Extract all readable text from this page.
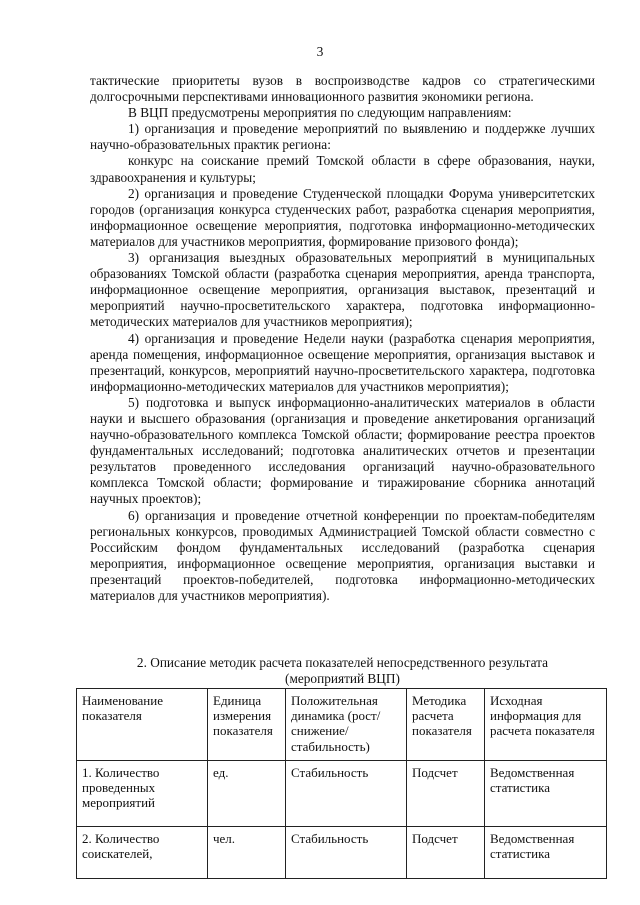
3

тактические приоритеты вузов в воспроизводстве кадров со стратегическими долгосрочными перспективами инновационного развития экономики региона.

В ВЦП предусмотрены мероприятия по следующим направлениям:

1) организация и проведение мероприятий по выявлению и поддержке лучших научно-образовательных практик региона:

конкурс на соискание премий Томской области в сфере образования, науки, здравоохранения и культуры;

2) организация и проведение Студенческой площадки Форума университетских городов (организация конкурса студенческих работ, разработка сценария мероприятия, информационное освещение мероприятия, подготовка информационно-методических материалов для участников мероприятия, формирование призового фонда);

3) организация выездных образовательных мероприятий в муниципальных образованиях Томской области (разработка сценария мероприятия, аренда транспорта, информационное освещение мероприятия, организация выставок, презентаций и мероприятий научно-просветительского характера, подготовка информационно-методических материалов для участников мероприятия);

4) организация и проведение Недели науки (разработка сценария мероприятия, аренда помещения, информационное освещение мероприятия, организация выставок и презентаций, конкурсов, мероприятий научно-просветительского характера, подготовка информационно-методических материалов для участников мероприятия);

5) подготовка и выпуск информационно-аналитических материалов в области науки и высшего образования (организация и проведение анкетирования организаций научно-образовательного комплекса Томской области; формирование реестра проектов фундаментальных исследований; подготовка аналитических отчетов и презентации результатов проведенного исследования организаций научно-образовательного комплекса Томской области; формирование и тиражирование сборника аннотаций научных проектов);

6) организация и проведение отчетной конференции по проектам-победителям региональных конкурсов, проводимых Администрацией Томской области совместно с Российским фондом фундаментальных исследований (разработка сценария мероприятия, информационное освещение мероприятия, организация выставки и презентаций проектов-победителей, подготовка информационно-методических материалов для участников мероприятия).

2. Описание методик расчета показателей непосредственного результата
(мероприятий ВЦП)
Наименование показателя	Единица измерения показателя	Положительная динамика (рост/снижение/ стабильность)	Методика расчета показателя	Исходная информация для расчета показателя
1. Количество проведенных мероприятий	ед.	Стабильность	Подсчет	Ведомственная статистика
2. Количество соискателей,	чел.	Стабильность	Подсчет	Ведомственная статистика
